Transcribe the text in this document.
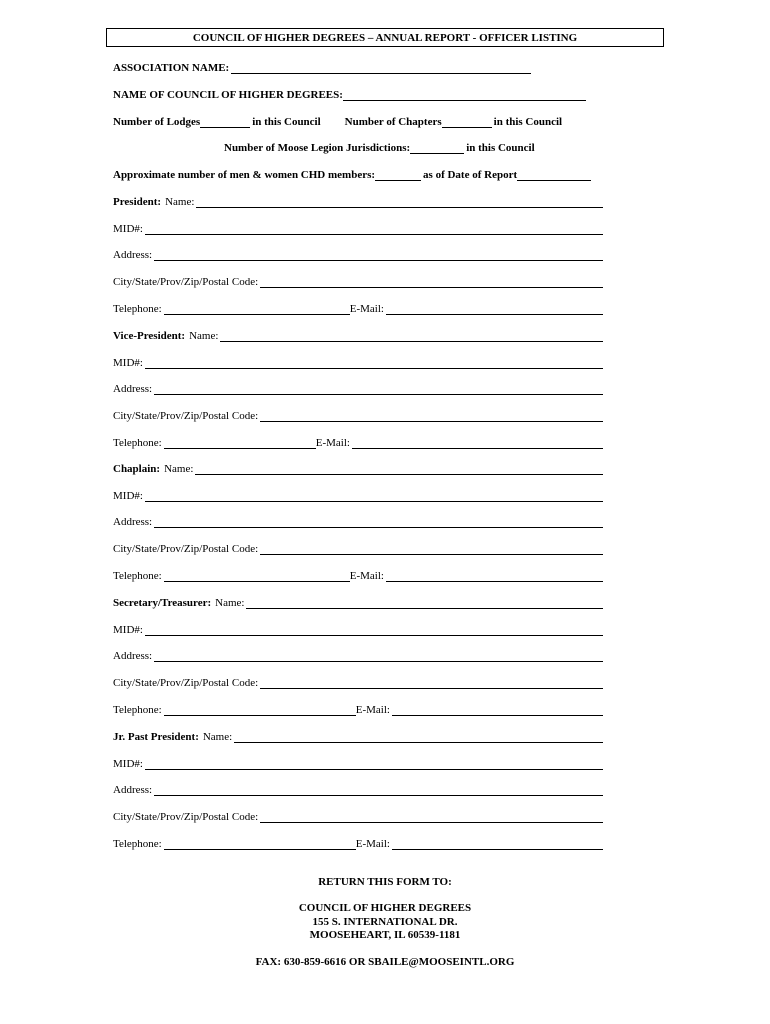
COUNCIL OF HIGHER DEGREES – ANNUAL REPORT - OFFICER LISTING
ASSOCIATION NAME:
NAME OF COUNCIL OF HIGHER DEGREES:
Number of Lodges	in this Council Number of Chapters	in this Council
Number of Moose Legion Jurisdictions:	in this Council
Approximate number of men & women CHD members:	as of Date of Report
President: Name:
MID#:
Address:
City/State/Prov/Zip/Postal Code:
Telephone:	E-Mail:
Vice-President: Name:
MID#:
Address:
City/State/Prov/Zip/Postal Code:
Telephone:	E-Mail:
Chaplain: Name:
MID#:
Address:
City/State/Prov/Zip/Postal Code:
Telephone:	E-Mail:
Secretary/Treasurer: Name:
MID#:
Address:
City/State/Prov/Zip/Postal Code:
Telephone:	E-Mail:
Jr. Past President: Name:
MID#:
Address:
City/State/Prov/Zip/Postal Code:
Telephone:	E-Mail:
RETURN THIS FORM TO:
COUNCIL OF HIGHER DEGREES
155 S. INTERNATIONAL DR.
MOOSEHEART, IL 60539-1181
FAX: 630-859-6616 OR SBAILE@MOOSEINTL.ORG
